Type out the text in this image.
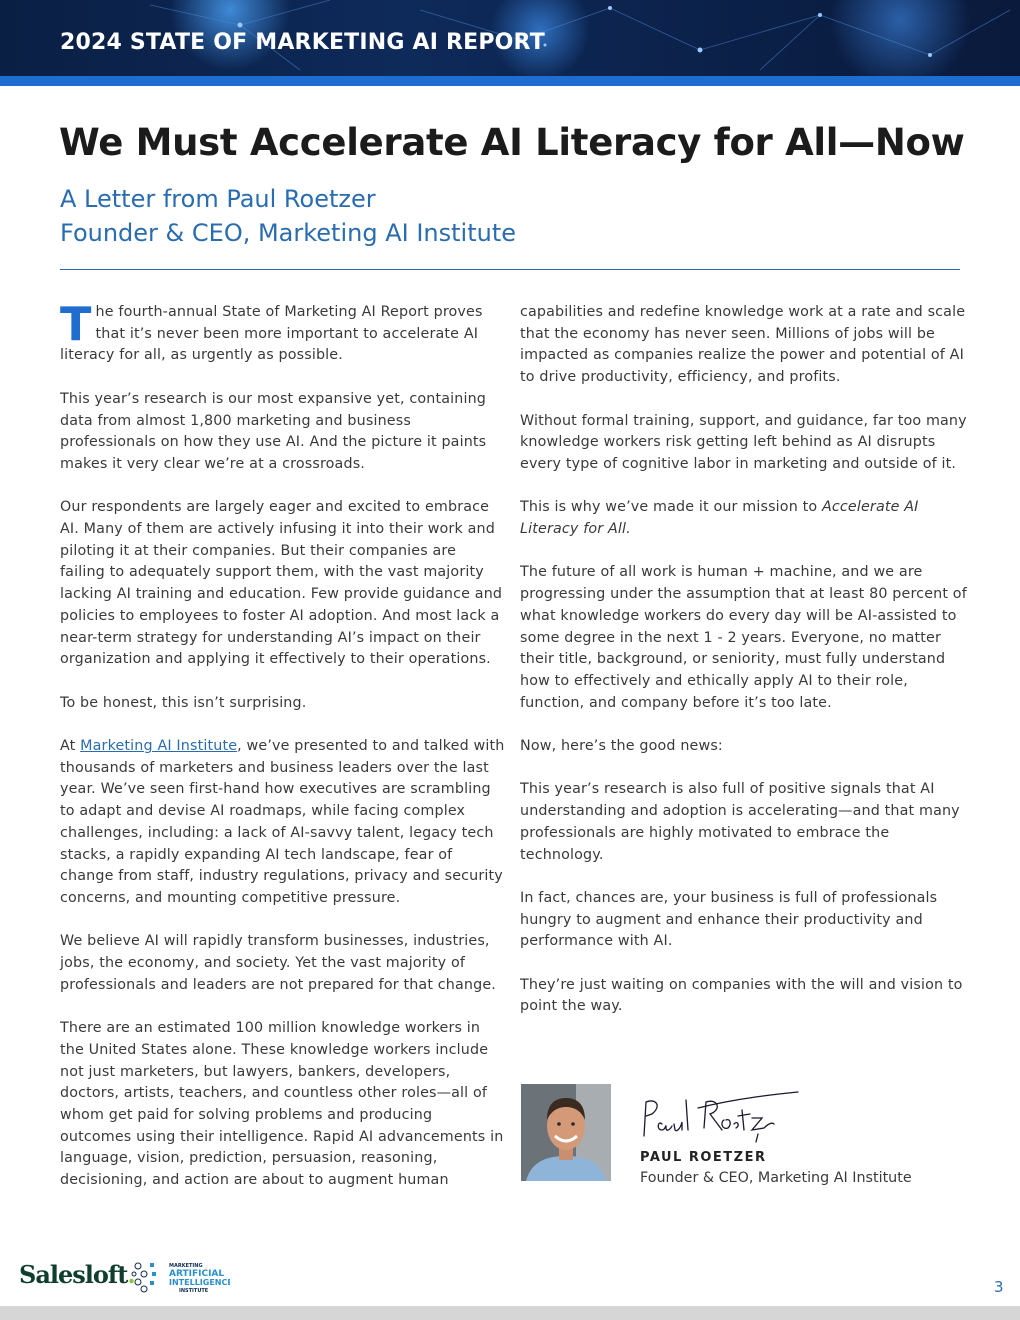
2024 STATE OF MARKETING AI REPORT
We Must Accelerate AI Literacy for All—Now
A Letter from Paul Roetzer
Founder & CEO, Marketing AI Institute

The fourth-annual State of Marketing AI Report proves that it’s never been more important to accelerate AI literacy for all, as urgently as possible.

This year’s research is our most expansive yet, containing data from almost 1,800 marketing and business professionals on how they use AI. And the picture it paints makes it very clear we’re at a crossroads.

Our respondents are largely eager and excited to embrace AI. Many of them are actively infusing it into their work and piloting it at their companies. But their companies are failing to adequately support them, with the vast majority lacking AI training and education. Few provide guidance and policies to employees to foster AI adoption. And most lack a near-term strategy for understanding AI’s impact on their organization and applying it effectively to their operations.

To be honest, this isn’t surprising.

At Marketing AI Institute, we’ve presented to and talked with thousands of marketers and business leaders over the last year. We’ve seen first-hand how executives are scrambling to adapt and devise AI roadmaps, while facing complex challenges, including: a lack of AI-savvy talent, legacy tech stacks, a rapidly expanding AI tech landscape, fear of change from staff, industry regulations, privacy and security concerns, and mounting competitive pressure.

We believe AI will rapidly transform businesses, industries, jobs, the economy, and society. Yet the vast majority of professionals and leaders are not prepared for that change.

There are an estimated 100 million knowledge workers in the United States alone. These knowledge workers include not just marketers, but lawyers, bankers, developers, doctors, artists, teachers, and countless other roles—all of whom get paid for solving problems and producing outcomes using their intelligence. Rapid AI advancements in language, vision, prediction, persuasion, reasoning, decisioning, and action are about to augment human

capabilities and redefine knowledge work at a rate and scale that the economy has never seen. Millions of jobs will be impacted as companies realize the power and potential of AI to drive productivity, efficiency, and profits.

Without formal training, support, and guidance, far too many knowledge workers risk getting left behind as AI disrupts every type of cognitive labor in marketing and outside of it.

This is why we’ve made it our mission to Accelerate AI Literacy for All.

The future of all work is human + machine, and we are progressing under the assumption that at least 80 percent of what knowledge workers do every day will be AI-assisted to some degree in the next 1 - 2 years. Everyone, no matter their title, background, or seniority, must fully understand how to effectively and ethically apply AI to their role, function, and company before it’s too late.

Now, here’s the good news:

This year’s research is also full of positive signals that AI understanding and adoption is accelerating—and that many professionals are highly motivated to embrace the technology.

In fact, chances are, your business is full of professionals hungry to augment and enhance their productivity and performance with AI.

They’re just waiting on companies with the will and vision to point the way.

PAUL ROETZER
Founder & CEO, Marketing AI Institute
Salesloft.	MARKETING
ARTIFICIAL
INTELLIGENCE
INSTITUTE	3
